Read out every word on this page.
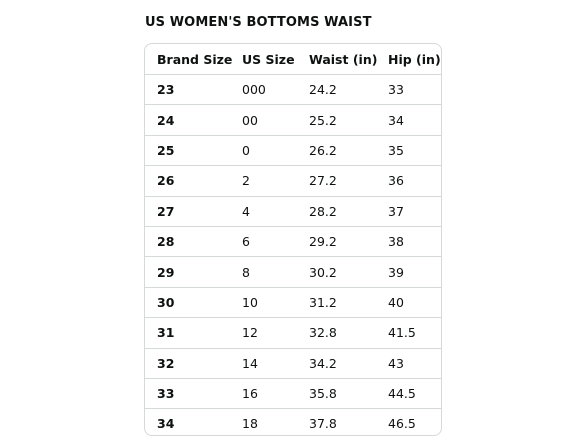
US WOMEN'S BOTTOMS WAIST
Brand Size	US Size	Waist (in)	Hip (in)
23	000	24.2	33
24	00	25.2	34
25	0	26.2	35
26	2	27.2	36
27	4	28.2	37
28	6	29.2	38
29	8	30.2	39
30	10	31.2	40
31	12	32.8	41.5
32	14	34.2	43
33	16	35.8	44.5
34	18	37.8	46.5
